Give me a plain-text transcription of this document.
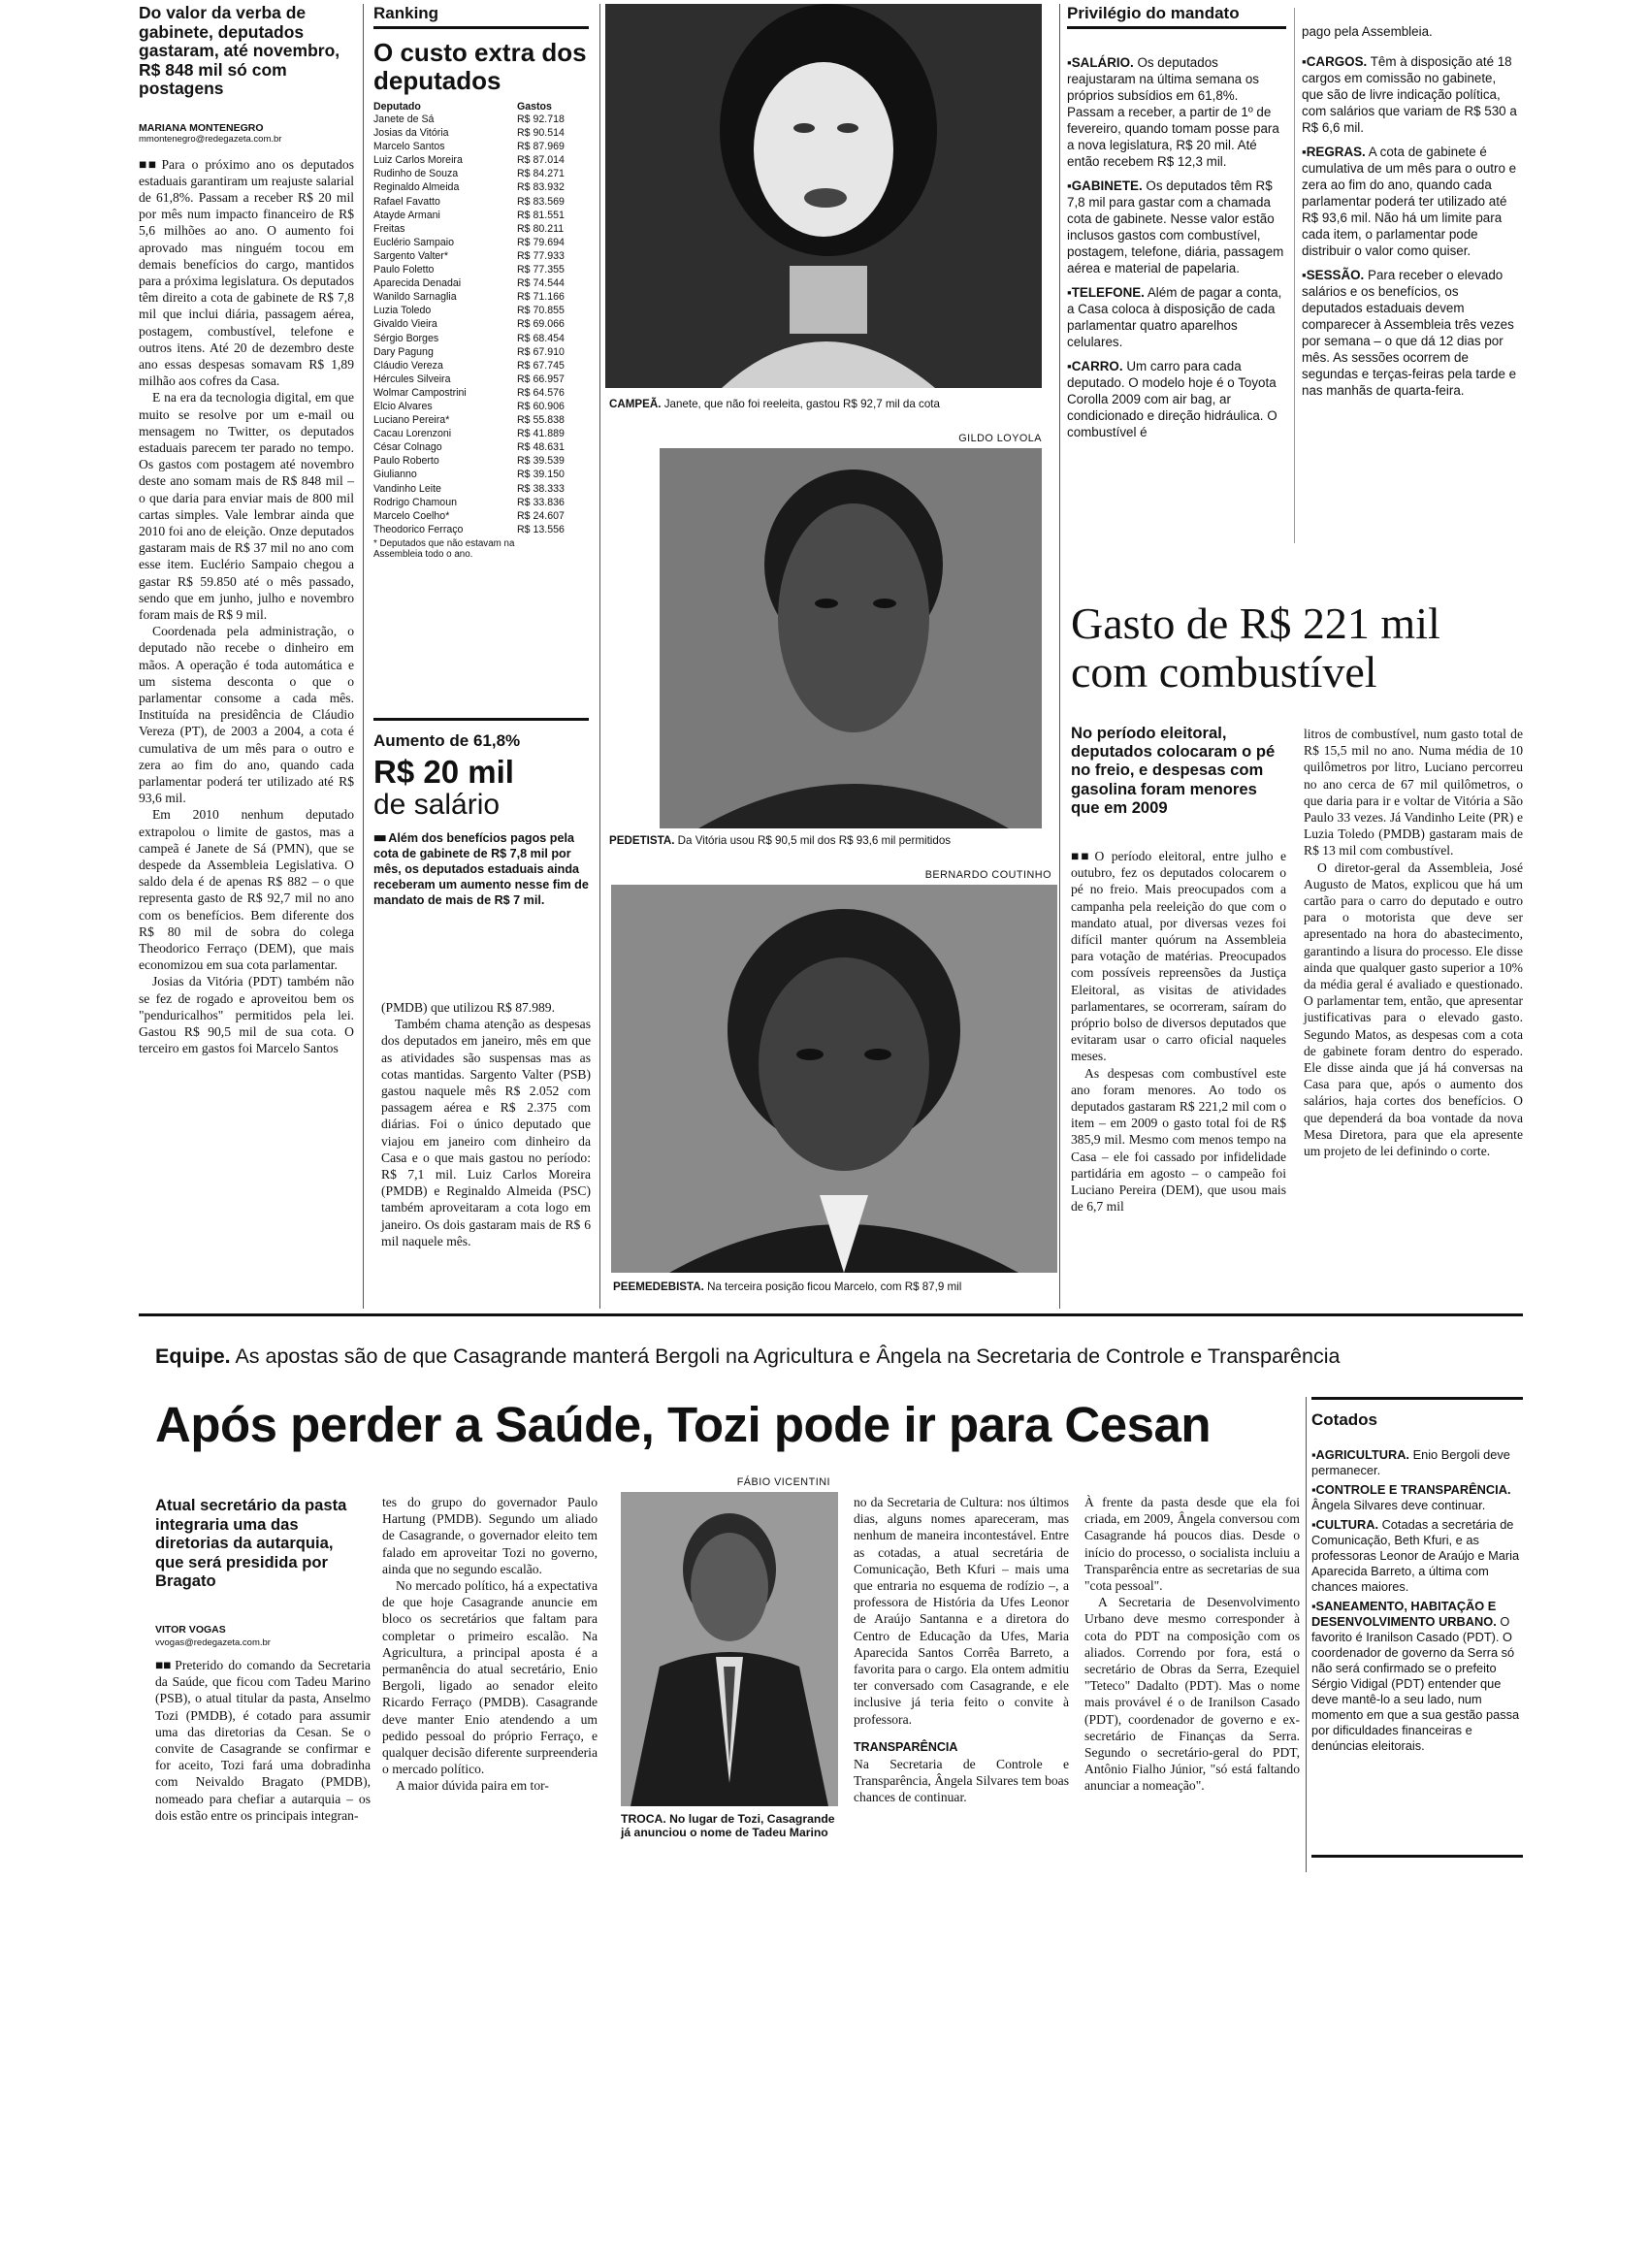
Do valor da verba de gabinete, deputados gastaram, até novembro, R$ 848 mil só com postagens
MARIANA MONTENEGRO
mmontenegro@redegazeta.com.br

■■ Para o próximo ano os deputados estaduais garantiram um reajuste salarial de 61,8%. Passam a receber R$ 20 mil por mês num impacto financeiro de R$ 5,6 milhões ao ano. O aumento foi aprovado mas ninguém tocou em demais benefícios do cargo, mantidos para a próxima legislatura. Os deputados têm direito a cota de gabinete de R$ 7,8 mil que inclui diária, passagem aérea, postagem, combustível, telefone e outros itens. Até 20 de dezembro deste ano essas despesas somavam R$ 1,89 milhão aos cofres da Casa.

E na era da tecnologia digital, em que muito se resolve por um e-mail ou mensagem no Twitter, os deputados estaduais parecem ter parado no tempo. Os gastos com postagem até novembro deste ano somam mais de R$ 848 mil – o que daria para enviar mais de 800 mil cartas simples. Vale lembrar ainda que 2010 foi ano de eleição. Onze deputados gastaram mais de R$ 37 mil no ano com esse item. Euclério Sampaio chegou a gastar R$ 59.850 até o mês passado, sendo que em junho, julho e novembro foram mais de R$ 9 mil.

Coordenada pela administração, o deputado não recebe o dinheiro em mãos. A operação é toda automática e um sistema desconta o que o parlamentar consome a cada mês. Instituída na presidência de Cláudio Vereza (PT), de 2003 a 2004, a cota é cumulativa de um mês para o outro e zera ao fim do ano, quando cada parlamentar poderá ter utilizado até R$ 93,6 mil.

Em 2010 nenhum deputado extrapolou o limite de gastos, mas a campeã é Janete de Sá (PMN), que se despede da Assembleia Legislativa. O saldo dela é de apenas R$ 882 – o que representa gasto de R$ 92,7 mil no ano com os benefícios. Bem diferente dos R$ 80 mil de sobra do colega Theodorico Ferraço (DEM), que mais economizou em sua cota parlamentar.

Josias da Vitória (PDT) também não se fez de rogado e aproveitou bem os "penduricalhos" permitidos pela lei. Gastou R$ 90,5 mil de sua cota. O terceiro em gastos foi Marcelo Santos

Ranking
O custo extra dos deputados
Deputado	Gastos
Janete de Sá	R$ 92.718
Josias da Vitória	R$ 90.514
Marcelo Santos	R$ 87.969
Luiz Carlos Moreira	R$ 87.014
Rudinho de Souza	R$ 84.271
Reginaldo Almeida	R$ 83.932
Rafael Favatto	R$ 83.569
Atayde Armani	R$ 81.551
Freitas	R$ 80.211
Euclério Sampaio	R$ 79.694
Sargento Valter*	R$ 77.933
Paulo Foletto	R$ 77.355
Aparecida Denadai	R$ 74.544
Wanildo Sarnaglia	R$ 71.166
Luzia Toledo	R$ 70.855
Givaldo Vieira	R$ 69.066
Sérgio Borges	R$ 68.454
Dary Pagung	R$ 67.910
Cláudio Vereza	R$ 67.745
Hércules Silveira	R$ 66.957
Wolmar Campostrini	R$ 64.576
Elcio Alvares	R$ 60.906
Luciano Pereira*	R$ 55.838
Cacau Lorenzoni	R$ 41.889
César Colnago	R$ 48.631
Paulo Roberto	R$ 39.539
Giulianno	R$ 39.150
Vandinho Leite	R$ 38.333
Rodrigo Chamoun	R$ 33.836
Marcelo Coelho*	R$ 24.607
Theodorico Ferraço	R$ 13.556
* Deputados que não estavam na Assembleia todo o ano.
Aumento de 61,8%
R$ 20 mil
de salário
■■ Além dos benefícios pagos pela cota de gabinete de R$ 7,8 mil por mês, os deputados estaduais ainda receberam um aumento nesse fim de mandato de mais de R$ 7 mil.

(PMDB) que utilizou R$ 87.989.

Também chama atenção as despesas dos deputados em janeiro, mês em que as atividades são suspensas mas as cotas mantidas. Sargento Valter (PSB) gastou naquele mês R$ 2.052 com passagem aérea e R$ 2.375 com diárias. Foi o único deputado que viajou em janeiro com dinheiro da Casa e o que mais gastou no período: R$ 7,1 mil. Luiz Carlos Moreira (PMDB) e Reginaldo Almeida (PSC) também aproveitaram a cota logo em janeiro. Os dois gastaram mais de R$ 6 mil naquele mês.

CAMPEÃ. Janete, que não foi reeleita, gastou R$ 92,7 mil da cota
GILDO LOYOLA
PEDETISTA. Da Vitória usou R$ 90,5 mil dos R$ 93,6 mil permitidos
BERNARDO COUTINHO
PEEMEDEBISTA. Na terceira posição ficou Marcelo, com R$ 87,9 mil
Privilégio do mandato
▪SALÁRIO. Os deputados reajustaram na última semana os próprios subsídios em 61,8%. Passam a receber, a partir de 1º de fevereiro, quando tomam posse para a nova legislatura, R$ 20 mil. Até então recebem R$ 12,3 mil.
▪GABINETE. Os deputados têm R$ 7,8 mil para gastar com a chamada cota de gabinete. Nesse valor estão inclusos gastos com combustível, postagem, telefone, diária, passagem aérea e material de papelaria.
▪TELEFONE. Além de pagar a conta, a Casa coloca à disposição de cada parlamentar quatro aparelhos celulares.
▪CARRO. Um carro para cada deputado. O modelo hoje é o Toyota Corolla 2009 com air bag, ar condicionado e direção hidráulica. O combustível é
pago pela Assembleia.
▪CARGOS. Têm à disposição até 18 cargos em comissão no gabinete, que são de livre indicação política, com salários que variam de R$ 530 a R$ 6,6 mil.
▪REGRAS. A cota de gabinete é cumulativa de um mês para o outro e zera ao fim do ano, quando cada parlamentar poderá ter utilizado até R$ 93,6 mil. Não há um limite para cada item, o parlamentar pode distribuir o valor como quiser.
▪SESSÃO. Para receber o elevado salários e os benefícios, os deputados estaduais devem comparecer à Assembleia três vezes por semana – o que dá 12 dias por mês. As sessões ocorrem de segundas e terças-feiras pela tarde e nas manhãs de quarta-feira.
Gasto de R$ 221 mil com combustível
No período eleitoral, deputados colocaram o pé no freio, e despesas com gasolina foram menores que em 2009

■■ O período eleitoral, entre julho e outubro, fez os deputados colocarem o pé no freio. Mais preocupados com a campanha pela reeleição do que com o mandato atual, por diversas vezes foi difícil manter quórum na Assembleia para votação de matérias. Preocupados com possíveis repreensões da Justiça Eleitoral, as visitas de atividades parlamentares, se ocorreram, saíram do próprio bolso de diversos deputados que evitaram usar o carro oficial naqueles meses.

As despesas com combustível este ano foram menores. Ao todo os deputados gastaram R$ 221,2 mil com o item – em 2009 o gasto total foi de R$ 385,9 mil. Mesmo com menos tempo na Casa – ele foi cassado por infidelidade partidária em agosto – o campeão foi Luciano Pereira (DEM), que usou mais de 6,7 mil

litros de combustível, num gasto total de R$ 15,5 mil no ano. Numa média de 10 quilômetros por litro, Luciano percorreu no ano cerca de 67 mil quilômetros, o que daria para ir e voltar de Vitória a São Paulo 33 vezes. Já Vandinho Leite (PR) e Luzia Toledo (PMDB) gastaram mais de R$ 13 mil com combustível.

O diretor-geral da Assembleia, José Augusto de Matos, explicou que há um cartão para o carro do deputado e outro para o motorista que deve ser apresentado na hora do abastecimento, garantindo a lisura do processo. Ele disse ainda que qualquer gasto superior a 10% da média geral é avaliado e questionado. O parlamentar tem, então, que apresentar justificativas para o elevado gasto. Segundo Matos, as despesas com a cota de gabinete foram dentro do esperado. Ele disse ainda que já há conversas na Casa para que, após o aumento dos salários, haja cortes dos benefícios. O que dependerá da boa vontade da nova Mesa Diretora, para que ela apresente um projeto de lei definindo o corte.

Equipe. As apostas são de que Casagrande manterá Bergoli na Agricultura e Ângela na Secretaria de Controle e Transparência
Após perder a Saúde, Tozi pode ir para Cesan
Atual secretário da pasta integraria uma das diretorias da autarquia, que será presidida por Bragato
VITOR VOGAS
vvogas@redegazeta.com.br

■■ Preterido do comando da Secretaria da Saúde, que ficou com Tadeu Marino (PSB), o atual titular da pasta, Anselmo Tozi (PMDB), é cotado para assumir uma das diretorias da Cesan. Se o convite de Casagrande se confirmar e for aceito, Tozi fará uma dobradinha com Neivaldo Bragato (PMDB), nomeado para chefiar a autarquia – os dois estão entre os principais integran-

tes do grupo do governador Paulo Hartung (PMDB). Segundo um aliado de Casagrande, o governador eleito tem falado em aproveitar Tozi no governo, ainda que no segundo escalão.

No mercado político, há a expectativa de que hoje Casagrande anuncie em bloco os secretários que faltam para completar o primeiro escalão. Na Agricultura, a principal aposta é a permanência do atual secretário, Enio Bergoli, ligado ao senador eleito Ricardo Ferraço (PMDB). Casagrande deve manter Enio atendendo a um pedido pessoal do próprio Ferraço, e qualquer decisão diferente surpreenderia o mercado político.

A maior dúvida paira em tor-

FÁBIO VICENTINI
TROCA. No lugar de Tozi, Casagrande já anunciou o nome de Tadeu Marino

no da Secretaria de Cultura: nos últimos dias, alguns nomes apareceram, mas nenhum de maneira incontestável. Entre as cotadas, a atual secretária de Comunicação, Beth Kfuri – mais uma que entraria no esquema de rodízio –, a professora de História da Ufes Leonor de Araújo Santanna e a diretora do Centro de Educação da Ufes, Maria Aparecida Santos Corrêa Barreto, a favorita para o cargo. Ela ontem admitiu ter conversado com Casagrande, e ele inclusive já teria feito o convite à professora.

TRANSPARÊNCIA

Na Secretaria de Controle e Transparência, Ângela Silvares tem boas chances de continuar.

À frente da pasta desde que ela foi criada, em 2009, Ângela conversou com Casagrande há poucos dias. Desde o início do processo, o socialista incluiu a Transparência entre as secretarias de sua "cota pessoal".

A Secretaria de Desenvolvimento Urbano deve mesmo corresponder à cota do PDT na composição com os aliados. Correndo por fora, está o secretário de Obras da Serra, Ezequiel "Teteco" Dadalto (PDT). Mas o nome mais provável é o de Iranilson Casado (PDT), coordenador de governo e ex-secretário de Finanças da Serra. Segundo o secretário-geral do PDT, Antônio Fialho Júnior, "só está faltando anunciar a nomeação".

Cotados
▪AGRICULTURA. Enio Bergoli deve permanecer.
▪CONTROLE E TRANSPARÊNCIA. Ângela Silvares deve continuar.
▪CULTURA. Cotadas a secretária de Comunicação, Beth Kfuri, e as professoras Leonor de Araújo e Maria Aparecida Barreto, a última com chances maiores.
▪SANEAMENTO, HABITAÇÃO E DESENVOLVIMENTO URBANO. O favorito é Iranilson Casado (PDT). O coordenador de governo da Serra só não será confirmado se o prefeito Sérgio Vidigal (PDT) entender que deve mantê-lo a seu lado, num momento em que a sua gestão passa por dificuldades financeiras e denúncias eleitorais.
